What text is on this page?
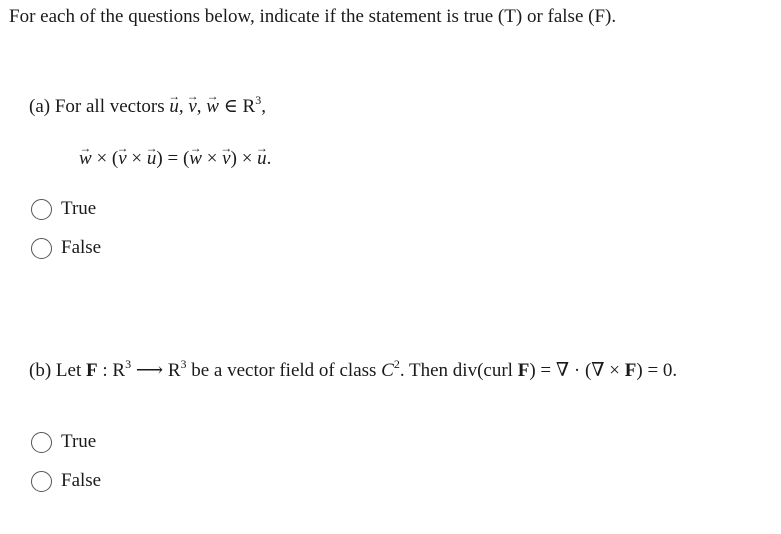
For each of the questions below, indicate if the statement is true (T) or false (F).
(a) For all vectors → u, → v, → w ∈ $R^3$,
→ w × (→ v × → u) = (→ w × → v) × → u.
True
False
(b) Let F : $R^3$ ⟶ $R^3$ be a vector field of class $C^2$. Then div(curl F) = ∇ · (∇ × F) = 0.
True
False
